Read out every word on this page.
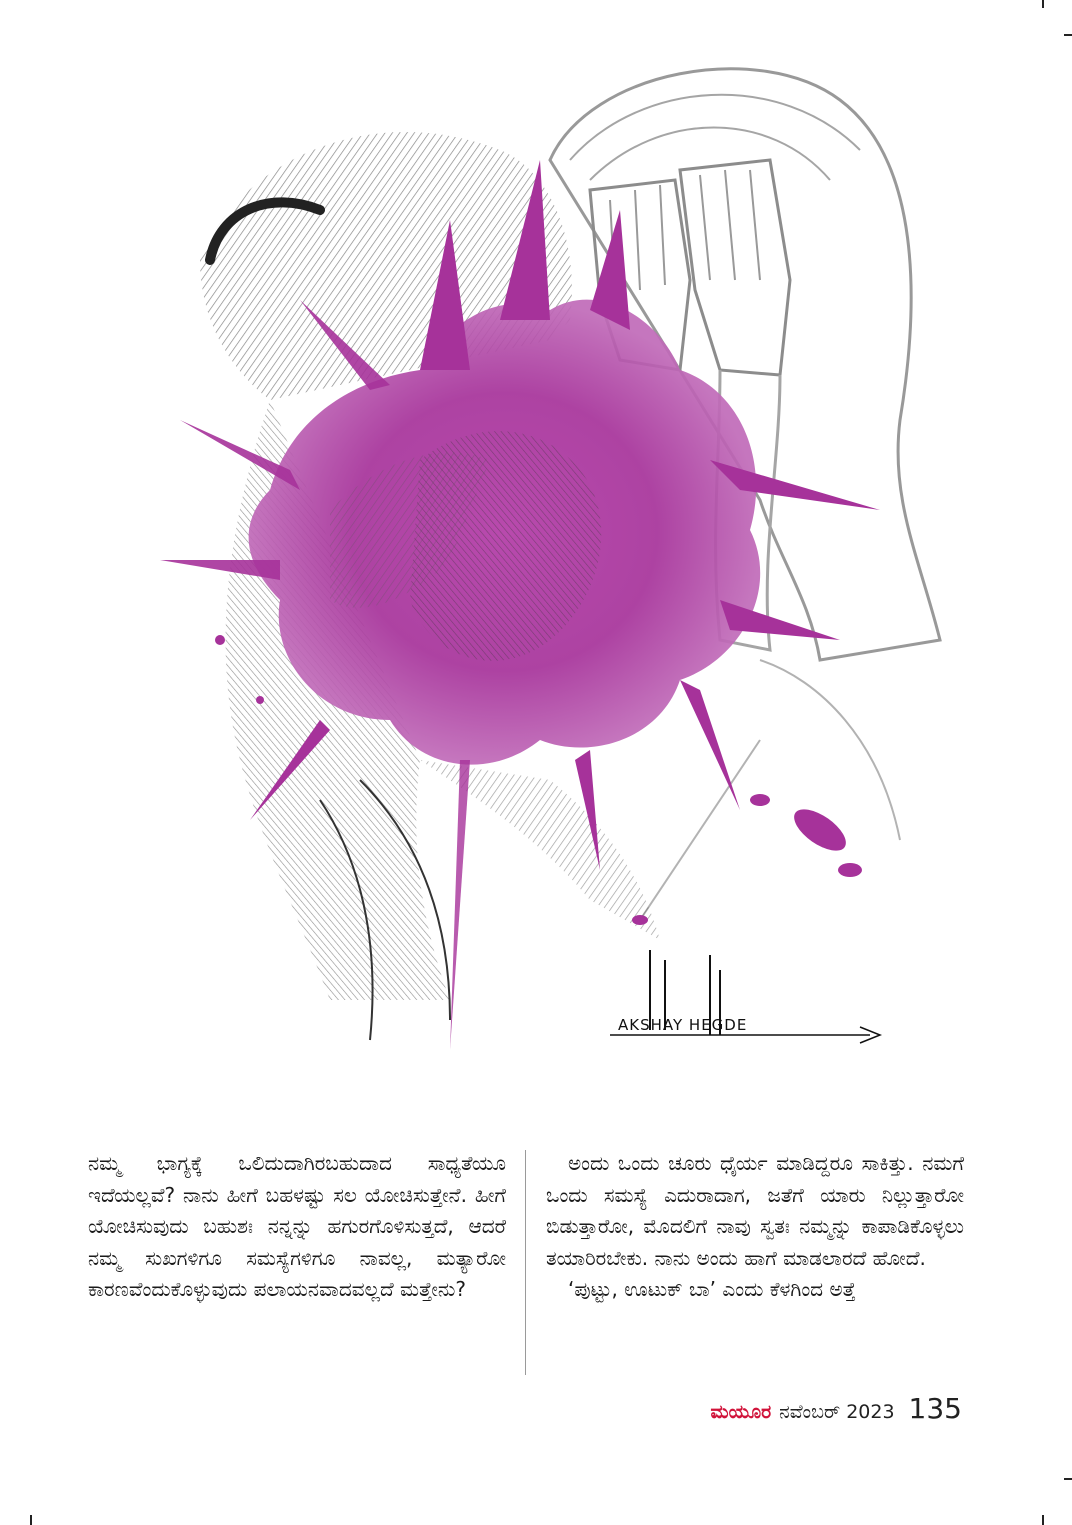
AKSHAY HEGDE

ನಮ್ಮ ಭಾಗ್ಯಕ್ಕೆ ಒಲಿದುದಾಗಿರಬಹುದಾದ ಸಾಧ್ಯತೆಯೂ ಇದೆಯಲ್ಲವೆ? ನಾನು ಹೀಗೆ ಬಹಳಷ್ಟು ಸಲ ಯೋಚಿಸುತ್ತೇನೆ. ಹೀಗೆ ಯೋಚಿಸುವುದು ಬಹುಶಃ ನನ್ನನ್ನು ಹಗುರಗೊಳಿಸುತ್ತದೆ, ಆದರೆ ನಮ್ಮ ಸುಖಗಳಿಗೂ ಸಮಸ್ಯೆಗಳಿಗೂ ನಾವಲ್ಲ, ಮತ್ಯಾರೋ ಕಾರಣವೆಂದುಕೊಳ್ಳುವುದು ಪಲಾಯನವಾದವಲ್ಲದೆ ಮತ್ತೇನು?

ಅಂದು ಒಂದು ಚೂರು ಧೈರ್ಯ ಮಾಡಿದ್ದರೂ ಸಾಕಿತ್ತು. ನಮಗೆ ಒಂದು ಸಮಸ್ಯೆ ಎದುರಾದಾಗ, ಜತೆಗೆ ಯಾರು ನಿಲ್ಲುತ್ತಾರೋ ಬಿಡುತ್ತಾರೋ, ಮೊದಲಿಗೆ ನಾವು ಸ್ವತಃ ನಮ್ಮನ್ನು ಕಾಪಾಡಿಕೊಳ್ಳಲು ತಯಾರಿರಬೇಕು. ನಾನು ಅಂದು ಹಾಗೆ ಮಾಡಲಾರದೆ ಹೋದೆ.

‘ಪುಟ್ಟು, ಊಟುಕ್ ಬಾ’ ಎಂದು ಕೆಳಗಿಂದ ಅತ್ತೆ

ಮಯೂರ ನವೆಂಬರ್ 2023 135
